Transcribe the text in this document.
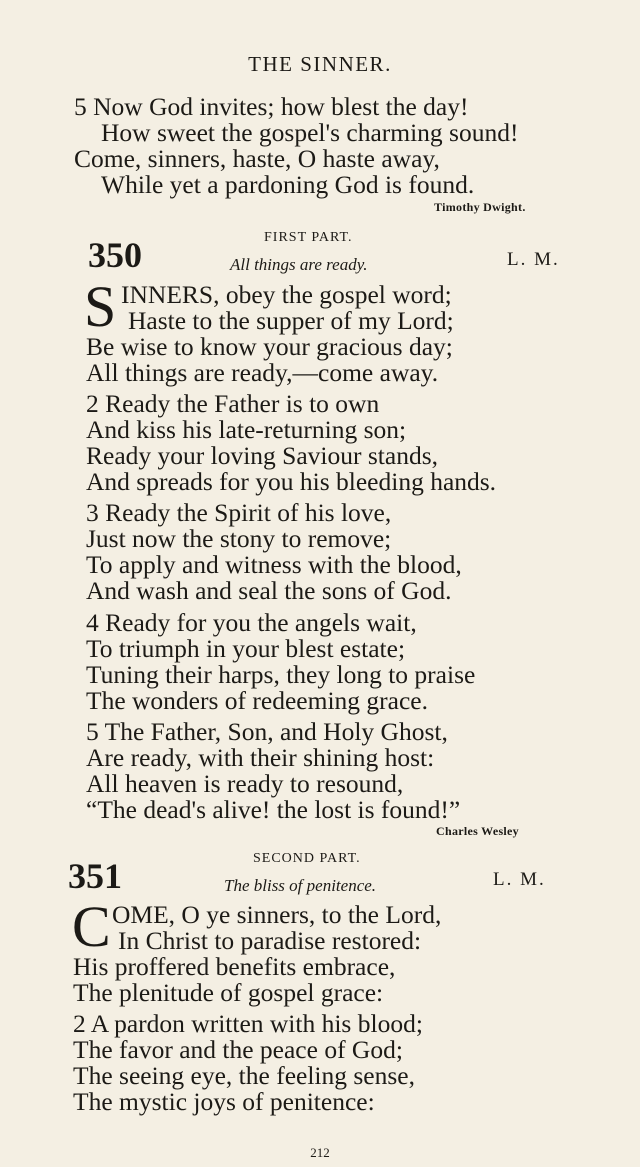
THE SINNER.
5 Now God invites; how blest the day!
How sweet the gospel's charming sound!
Come, sinners, haste, O haste away,
While yet a pardoning God is found.
Timothy Dwight.
350	FIRST PART.
All things are ready.	L. M.
S INNERS, obey the gospel word;
Haste to the supper of my Lord;
Be wise to know your gracious day;
All things are ready,—come away.
2 Ready the Father is to own
And kiss his late-returning son;
Ready your loving Saviour stands,
And spreads for you his bleeding hands.
3 Ready the Spirit of his love,
Just now the stony to remove;
To apply and witness with the blood,
And wash and seal the sons of God.
4 Ready for you the angels wait,
To triumph in your blest estate;
Tuning their harps, they long to praise
The wonders of redeeming grace.
5 The Father, Son, and Holy Ghost,
Are ready, with their shining host:
All heaven is ready to resound,
“The dead's alive! the lost is found!”
Charles Wesley
351	SECOND PART.
The bliss of penitence.	L. M.
C OME, O ye sinners, to the Lord,
In Christ to paradise restored:
His proffered benefits embrace,
The plenitude of gospel grace:
2 A pardon written with his blood;
The favor and the peace of God;
The seeing eye, the feeling sense,
The mystic joys of penitence:
212
